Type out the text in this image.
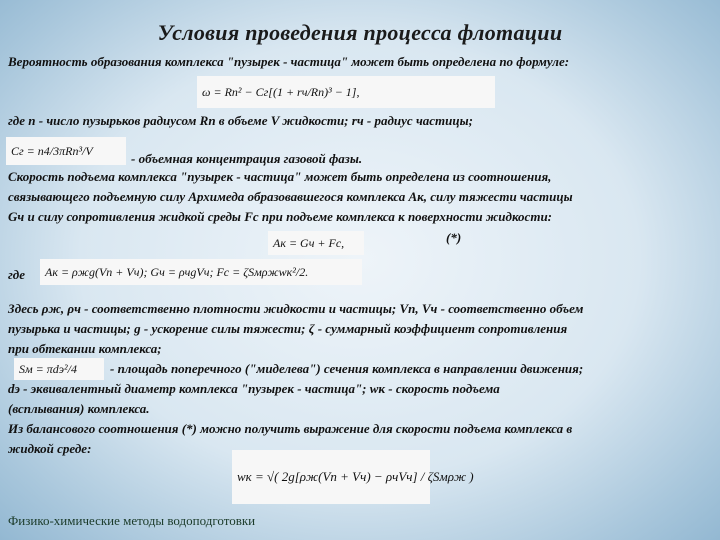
Условия проведения процесса флотации
Вероятность образования комплекса "пузырек - частица" может быть определена по формуле:
ω = Rп² − Cг[(1 + rч/Rп)³ − 1],
где n - число пузырьков радиусом Rп в объеме V жидкости; rч - радиус частицы;
Cг = n4/3πRп³/V
- объемная концентрация газовой фазы.
Скорость подъема комплекса "пузырек - частица" может быть определена из соотношения,
связывающего подъемную силу Архимеда образовавшегося комплекса Aк, силу тяжести частицы
Gч и силу сопротивления жидкой среды Fс при подъеме комплекса к поверхности жидкости:
Aк = Gч + Fс,	(*)
где Aк = ρжg(Vп + Vч); Gч = ρчgVч; Fс = ζSмρжwк²/2.
Здесь ρж, ρч - соответственно плотности жидкости и частицы; Vп, Vч - соответственно объем
пузырька и частицы; g - ускорение силы тяжести; ζ - суммарный коэффициент сопротивления
при обтекании комплекса;
Sм = πdэ²/4	- площадь поперечного ("миделева") сечения комплекса в направлении движения;
dэ - эквивалентный диаметр комплекса "пузырек - частица"; wк - скорость подъема
(всплывания) комплекса.
Из балансового соотношения (*) можно получить выражение для скорости подъема комплекса в
жидкой среде:
wк = √( 2g[ρж(Vп + Vч) − ρчVч] / ζSмρж )
Физико-химические методы водоподготовки
